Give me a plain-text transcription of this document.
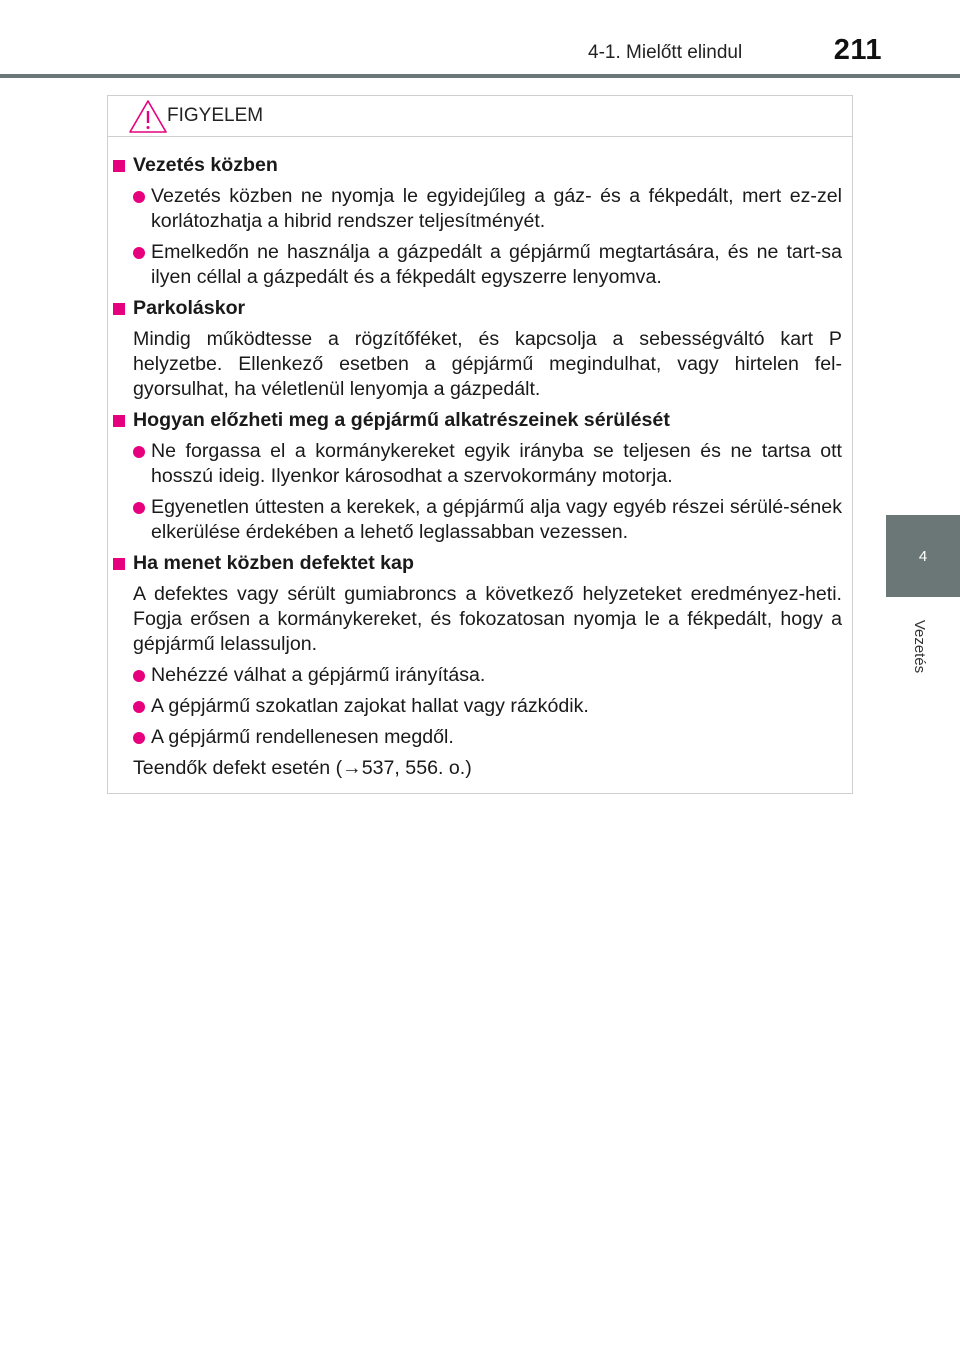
4-1. Mielőtt elindul	211
4
Vezetés
FIGYELEM
Vezetés közben
Vezetés közben ne nyomja le egyidejűleg a gáz- és a fékpedált, mert ez-zel korlátozhatja a hibrid rendszer teljesítményét.
Emelkedőn ne használja a gázpedált a gépjármű megtartására, és ne tart-sa ilyen céllal a gázpedált és a fékpedált egyszerre lenyomva.
Parkoláskor
Mindig működtesse a rögzítőféket, és kapcsolja a sebességváltó kart P helyzetbe. Ellenkező esetben a gépjármű megindulhat, vagy hirtelen fel-gyorsulhat, ha véletlenül lenyomja a gázpedált.
Hogyan előzheti meg a gépjármű alkatrészeinek sérülését
Ne forgassa el a kormánykereket egyik irányba se teljesen és ne tartsa ott hosszú ideig. Ilyenkor károsodhat a szervokormány motorja.
Egyenetlen úttesten a kerekek, a gépjármű alja vagy egyéb részei sérülé-sének elkerülése érdekében a lehető leglassabban vezessen.
Ha menet közben defektet kap
A defektes vagy sérült gumiabroncs a következő helyzeteket eredményez-heti. Fogja erősen a kormánykereket, és fokozatosan nyomja le a fékpedált, hogy a gépjármű lelassuljon.
Nehézzé válhat a gépjármű irányítása.
A gépjármű szokatlan zajokat hallat vagy rázkódik.
A gépjármű rendellenesen megdől.
Teendők defekt esetén (→537, 556. o.)
